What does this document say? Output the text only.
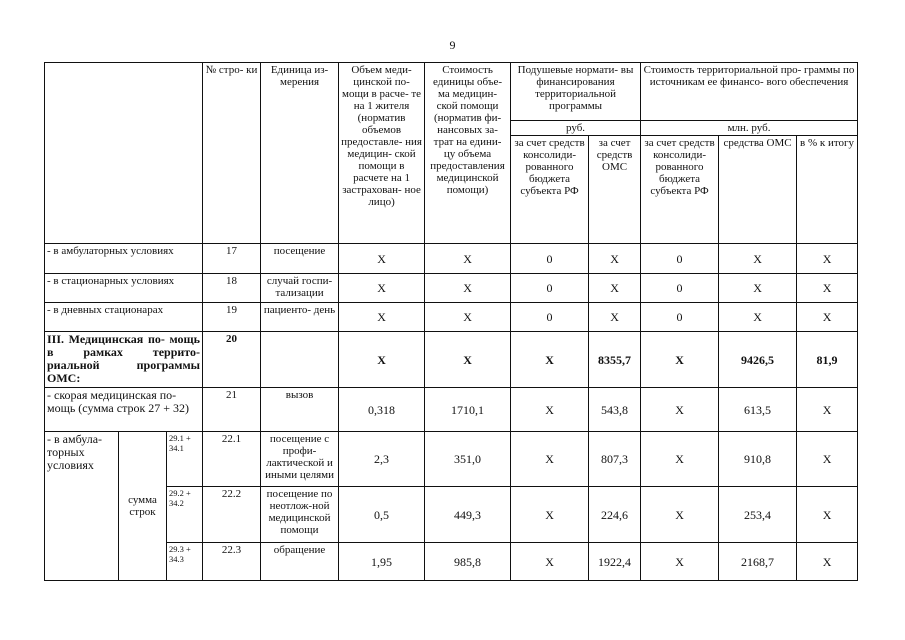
9
			№ стро- ки	Единица из- мерения	Объем меди- цинской по- мощи в расче- те на 1 жителя (норматив объемов предоставле- ния медицин- ской помощи в расчете на 1 застрахован- ное лицо)	Стоимость единицы объе- ма медицин- ской помощи (норматив фи- нансовых за- трат на едини- цу объема предоставления медицинской помощи)	Подушевые нормати- вы финансирования территориальной программы		Стоимость территориальной про- граммы по источникам ее финансо- вого обеспечения		
							руб.		млн. руб.		
							за счет средств консолиди- рованного бюджета субъекта РФ	за счет средств ОМС	за счет средств консолиди- рованного бюджета субъекта РФ	средства ОМС	в % к итогу
- в амбулаторных условиях			17	посещение	X	X	0	X	0	X	X
- в стационарных условиях			18	случай госпи- тализации	X	X	0	X	0	X	X
- в дневных стационарах			19	пациенто- день	X	X	0	X	0	X	X
III. Медицинская по- мощь в рамках террито- риальной программы ОМС:			20		X	X	X	8355,7	X	9426,5	81,9
- скорая медицинская по- мощь (сумма строк 27 + 32)			21	вызов	0,318	1710,1	X	543,8	X	613,5	X
- в амбула- торных условиях	сумма строк	29.1 + 34.1	22.1	посещение с профи- лактической и иными целями	2,3	351,0	X	807,3	X	910,8	X
		29.2 + 34.2	22.2	посещение по неотлож-ной медицинской помощи	0,5	449,3	X	224,6	X	253,4	X
		29.3 + 34.3	22.3	обращение	1,95	985,8	X	1922,4	X	2168,7	X
